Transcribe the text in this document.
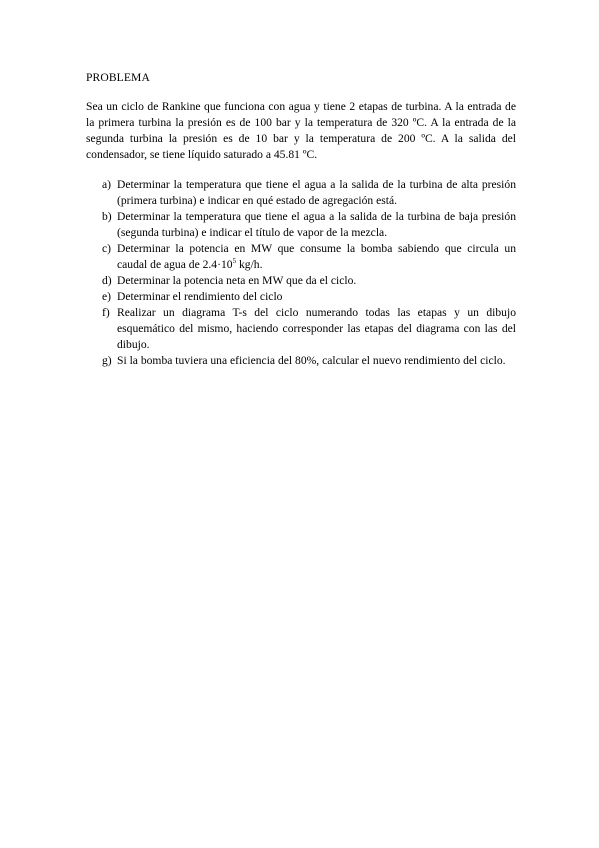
PROBLEMA

Sea un ciclo de Rankine que funciona con agua y tiene 2 etapas de turbina. A la entrada de la primera turbina la presión es de 100 bar y la temperatura de 320 ºC. A la entrada de la segunda turbina la presión es de 10 bar y la temperatura de 200 ºC. A la salida del condensador, se tiene líquido saturado a 45.81 ºC.

a) Determinar la temperatura que tiene el agua a la salida de la turbina de alta presión (primera turbina) e indicar en qué estado de agregación está.
b) Determinar la temperatura que tiene el agua a la salida de la turbina de baja presión (segunda turbina) e indicar el título de vapor de la mezcla.
c) Determinar la potencia en MW que consume la bomba sabiendo que circula un caudal de agua de $2.4\cdot 10^5$ kg/h.
d) Determinar la potencia neta en MW que da el ciclo.
e) Determinar el rendimiento del ciclo
f) Realizar un diagrama T-s del ciclo numerando todas las etapas y un dibujo esquemático del mismo, haciendo corresponder las etapas del diagrama con las del dibujo.
g) Si la bomba tuviera una eficiencia del 80%, calcular el nuevo rendimiento del ciclo.
